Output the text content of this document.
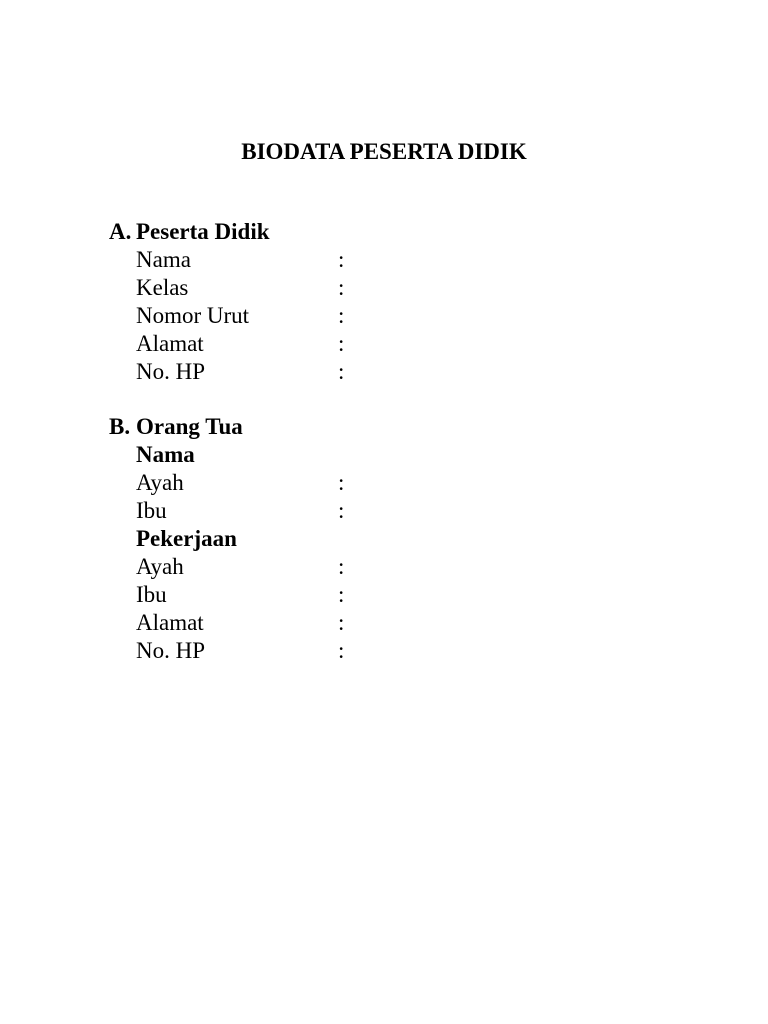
BIODATA PESERTA DIDIK
A. Peserta Didik
Nama	:
Kelas	:
Nomor Urut	:
Alamat	:
No. HP	:
B. Orang Tua
Nama
Ayah	:
Ibu	:
Pekerjaan
Ayah	:
Ibu	:
Alamat	:
No. HP	:
